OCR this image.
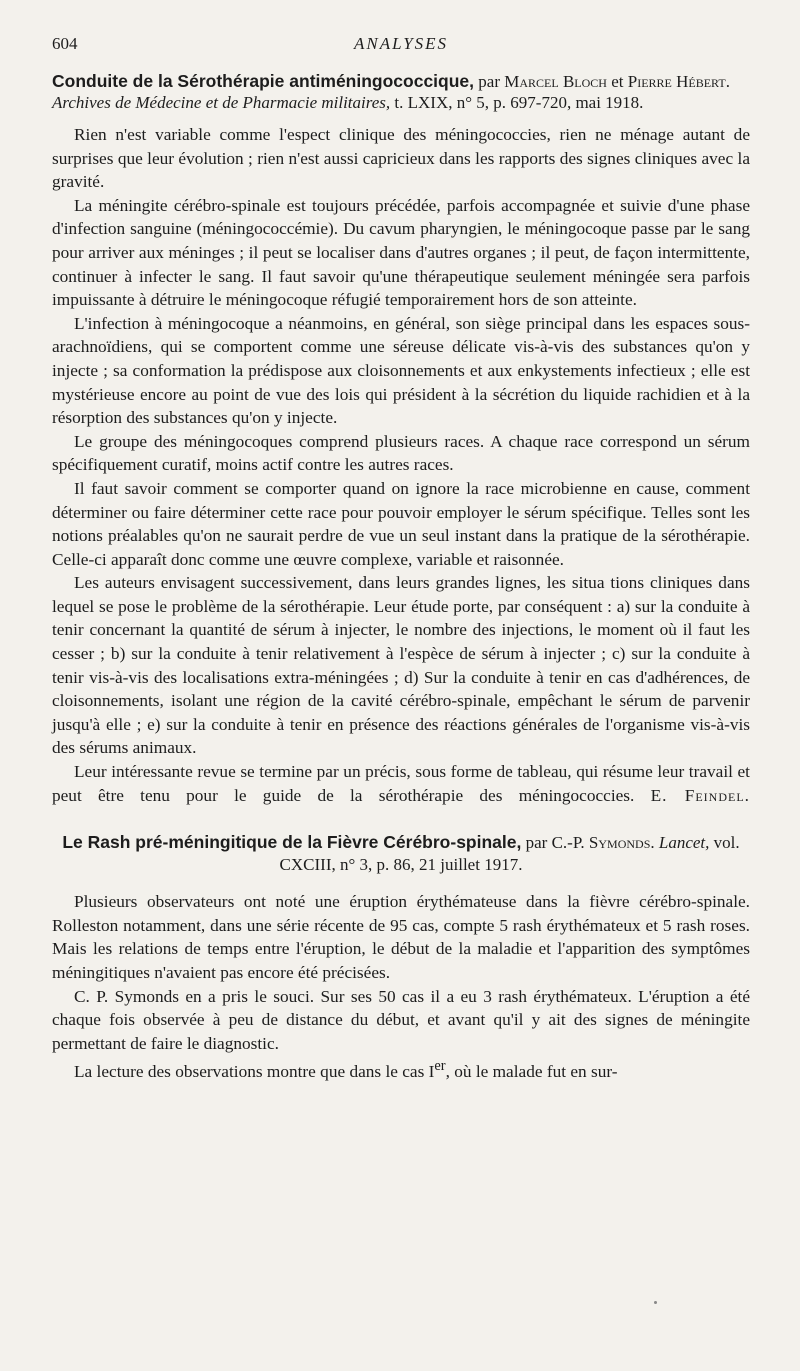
604	ANALYSES
Conduite de la Sérothérapie antiméningococcique, par Marcel Bloch et Pierre Hébert. Archives de Médecine et de Pharmacie militaires, t. LXIX, n° 5, p. 697-720, mai 1918.

Rien n'est variable comme l'espect clinique des méningococcies, rien ne ménage autant de surprises que leur évolution ; rien n'est aussi capricieux dans les rapports des signes cliniques avec la gravité.

La méningite cérébro-spinale est toujours précédée, parfois accompagnée et suivie d'une phase d'infection sanguine (méningococcémie). Du cavum pharyngien, le méningocoque passe par le sang pour arriver aux méninges ; il peut se localiser dans d'autres organes ; il peut, de façon intermittente, continuer à infecter le sang. Il faut savoir qu'une thérapeutique seulement méningée sera parfois impuissante à détruire le méningocoque réfugié temporairement hors de son atteinte.

L'infection à méningocoque a néanmoins, en général, son siège principal dans les espaces sous-arachnoïdiens, qui se comportent comme une séreuse délicate vis-à-vis des substances qu'on y injecte ; sa conformation la prédispose aux cloisonnements et aux enkystements infectieux ; elle est mystérieuse encore au point de vue des lois qui président à la sécrétion du liquide rachidien et à la résorption des substances qu'on y injecte.

Le groupe des méningocoques comprend plusieurs races. A chaque race correspond un sérum spécifiquement curatif, moins actif contre les autres races.

Il faut savoir comment se comporter quand on ignore la race microbienne en cause, comment déterminer ou faire déterminer cette race pour pouvoir employer le sérum spécifique. Telles sont les notions préalables qu'on ne saurait perdre de vue un seul instant dans la pratique de la sérothérapie. Celle-ci apparaît donc comme une œuvre complexe, variable et raisonnée.

Les auteurs envisagent successivement, dans leurs grandes lignes, les situa tions cliniques dans lequel se pose le problème de la sérothérapie. Leur étude porte, par conséquent : a) sur la conduite à tenir concernant la quantité de sérum à injecter, le nombre des injections, le moment où il faut les cesser ; b) sur la conduite à tenir relativement à l'espèce de sérum à injecter ; c) sur la conduite à tenir vis-à-vis des localisations extra-méningées ; d) Sur la conduite à tenir en cas d'adhérences, de cloisonnements, isolant une région de la cavité cérébro-spinale, empêchant le sérum de parvenir jusqu'à elle ; e) sur la conduite à tenir en présence des réactions générales de l'organisme vis-à-vis des sérums animaux.

Leur intéressante revue se termine par un précis, sous forme de tableau, qui résume leur travail et peut être tenu pour le guide de la sérothérapie des méningococcies. E. Feindel.

Le Rash pré-méningitique de la Fièvre Cérébro-spinale, par C.-P. Symonds. Lancet, vol. CXCIII, n° 3, p. 86, 21 juillet 1917.

Plusieurs observateurs ont noté une éruption érythémateuse dans la fièvre cérébro-spinale. Rolleston notamment, dans une série récente de 95 cas, compte 5 rash érythémateux et 5 rash roses. Mais les relations de temps entre l'éruption, le début de la maladie et l'apparition des symptômes méningitiques n'avaient pas encore été précisées.

C. P. Symonds en a pris le souci. Sur ses 50 cas il a eu 3 rash érythémateux. L'éruption a été chaque fois observée à peu de distance du début, et avant qu'il y ait des signes de méningite permettant de faire le diagnostic.

La lecture des observations montre que dans le cas Ier, où le malade fut en sur-
